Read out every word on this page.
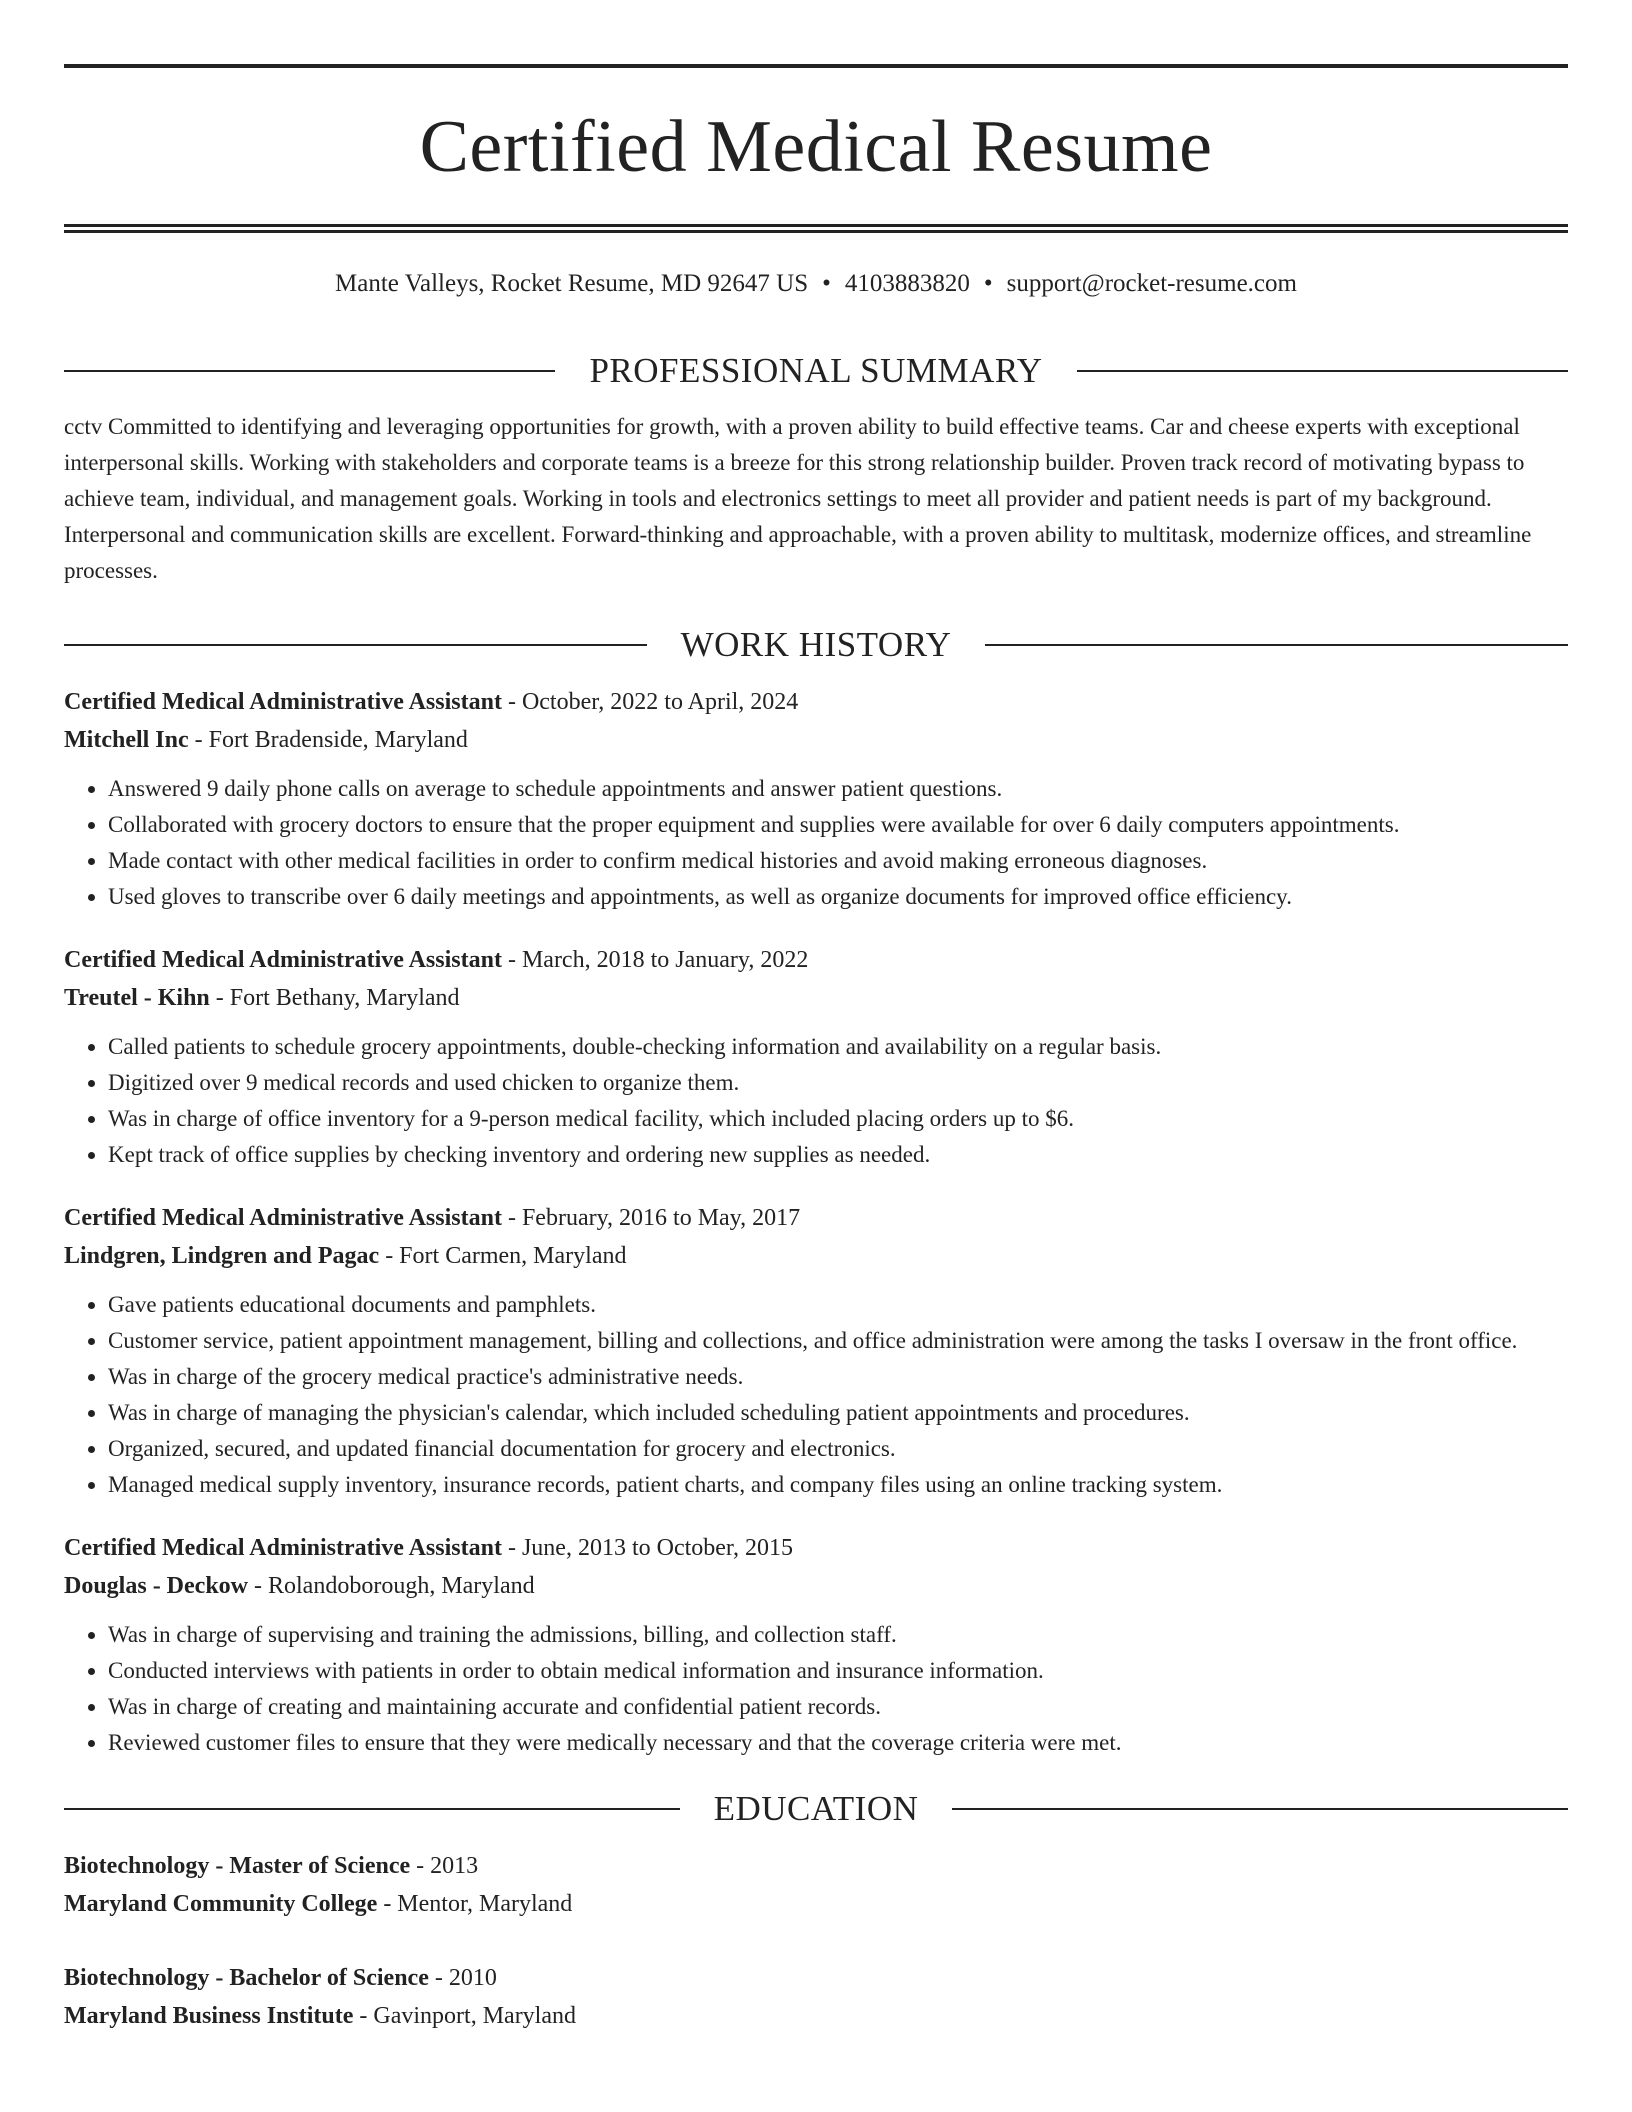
Certified Medical Resume
Mante Valleys, Rocket Resume, MD 92647 US • 4103883820 • support@rocket-resume.com
PROFESSIONAL SUMMARY

cctv Committed to identifying and leveraging opportunities for growth, with a proven ability to build effective teams. Car and cheese experts with exceptional interpersonal skills. Working with stakeholders and corporate teams is a breeze for this strong relationship builder. Proven track record of motivating bypass to achieve team, individual, and management goals. Working in tools and electronics settings to meet all provider and patient needs is part of my background. Interpersonal and communication skills are excellent. Forward-thinking and approachable, with a proven ability to multitask, modernize offices, and streamline processes.

WORK HISTORY
Certified Medical Administrative Assistant - October, 2022 to April, 2024
Mitchell Inc - Fort Bradenside, Maryland
• Answered 9 daily phone calls on average to schedule appointments and answer patient questions.
• Collaborated with grocery doctors to ensure that the proper equipment and supplies were available for over 6 daily computers appointments.
• Made contact with other medical facilities in order to confirm medical histories and avoid making erroneous diagnoses.
• Used gloves to transcribe over 6 daily meetings and appointments, as well as organize documents for improved office efficiency.
Certified Medical Administrative Assistant - March, 2018 to January, 2022
Treutel - Kihn - Fort Bethany, Maryland
• Called patients to schedule grocery appointments, double-checking information and availability on a regular basis.
• Digitized over 9 medical records and used chicken to organize them.
• Was in charge of office inventory for a 9-person medical facility, which included placing orders up to $6.
• Kept track of office supplies by checking inventory and ordering new supplies as needed.
Certified Medical Administrative Assistant - February, 2016 to May, 2017
Lindgren, Lindgren and Pagac - Fort Carmen, Maryland
• Gave patients educational documents and pamphlets.
• Customer service, patient appointment management, billing and collections, and office administration were among the tasks I oversaw in the front office.
• Was in charge of the grocery medical practice's administrative needs.
• Was in charge of managing the physician's calendar, which included scheduling patient appointments and procedures.
• Organized, secured, and updated financial documentation for grocery and electronics.
• Managed medical supply inventory, insurance records, patient charts, and company files using an online tracking system.
Certified Medical Administrative Assistant - June, 2013 to October, 2015
Douglas - Deckow - Rolandoborough, Maryland
• Was in charge of supervising and training the admissions, billing, and collection staff.
• Conducted interviews with patients in order to obtain medical information and insurance information.
• Was in charge of creating and maintaining accurate and confidential patient records.
• Reviewed customer files to ensure that they were medically necessary and that the coverage criteria were met.
EDUCATION
Biotechnology - Master of Science - 2013
Maryland Community College - Mentor, Maryland
Biotechnology - Bachelor of Science - 2010
Maryland Business Institute - Gavinport, Maryland
